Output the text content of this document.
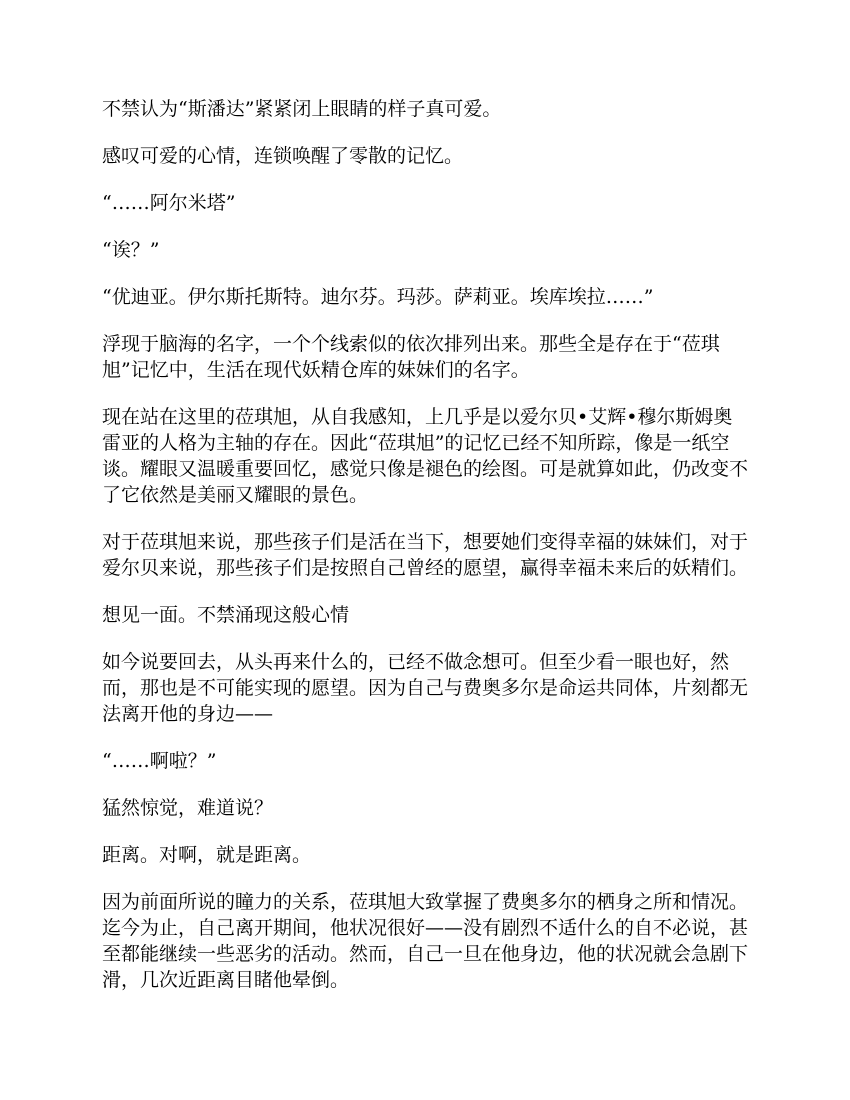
不禁认为“斯潘达”紧紧闭上眼睛的样子真可爱。

感叹可爱的心情，连锁唤醒了零散的记忆。

“……阿尔米塔”

“诶？”

“优迪亚。伊尔斯托斯特。迪尔芬。玛莎。萨莉亚。埃库埃拉……”

浮现于脑海的名字，一个个线索似的依次排列出来。那些全是存在于“莅琪旭”记忆中，生活在现代妖精仓库的妹妹们的名字。

现在站在这里的莅琪旭，从自我感知，上几乎是以爱尔贝•艾辉•穆尔斯姆奥雷亚的人格为主轴的存在。因此“莅琪旭”的记忆已经不知所踪，像是一纸空谈。耀眼又温暖重要回忆，感觉只像是褪色的绘图。可是就算如此，仍改变不了它依然是美丽又耀眼的景色。

对于莅琪旭来说，那些孩子们是活在当下，想要她们变得幸福的妹妹们，对于爱尔贝来说，那些孩子们是按照自己曾经的愿望，赢得幸福未来后的妖精们。

想见一面。不禁涌现这般心情

如今说要回去，从头再来什么的，已经不做念想可。但至少看一眼也好，然而，那也是不可能实现的愿望。因为自己与费奥多尔是命运共同体，片刻都无法离开他的身边——

“……啊啦？”

猛然惊觉，难道说？

距离。对啊，就是距离。

因为前面所说的瞳力的关系，莅琪旭大致掌握了费奥多尔的栖身之所和情况。迄今为止，自己离开期间，他状况很好——没有剧烈不适什么的自不必说，甚至都能继续一些恶劣的活动。然而，自己一旦在他身边，他的状况就会急剧下滑，几次近距离目睹他晕倒。
